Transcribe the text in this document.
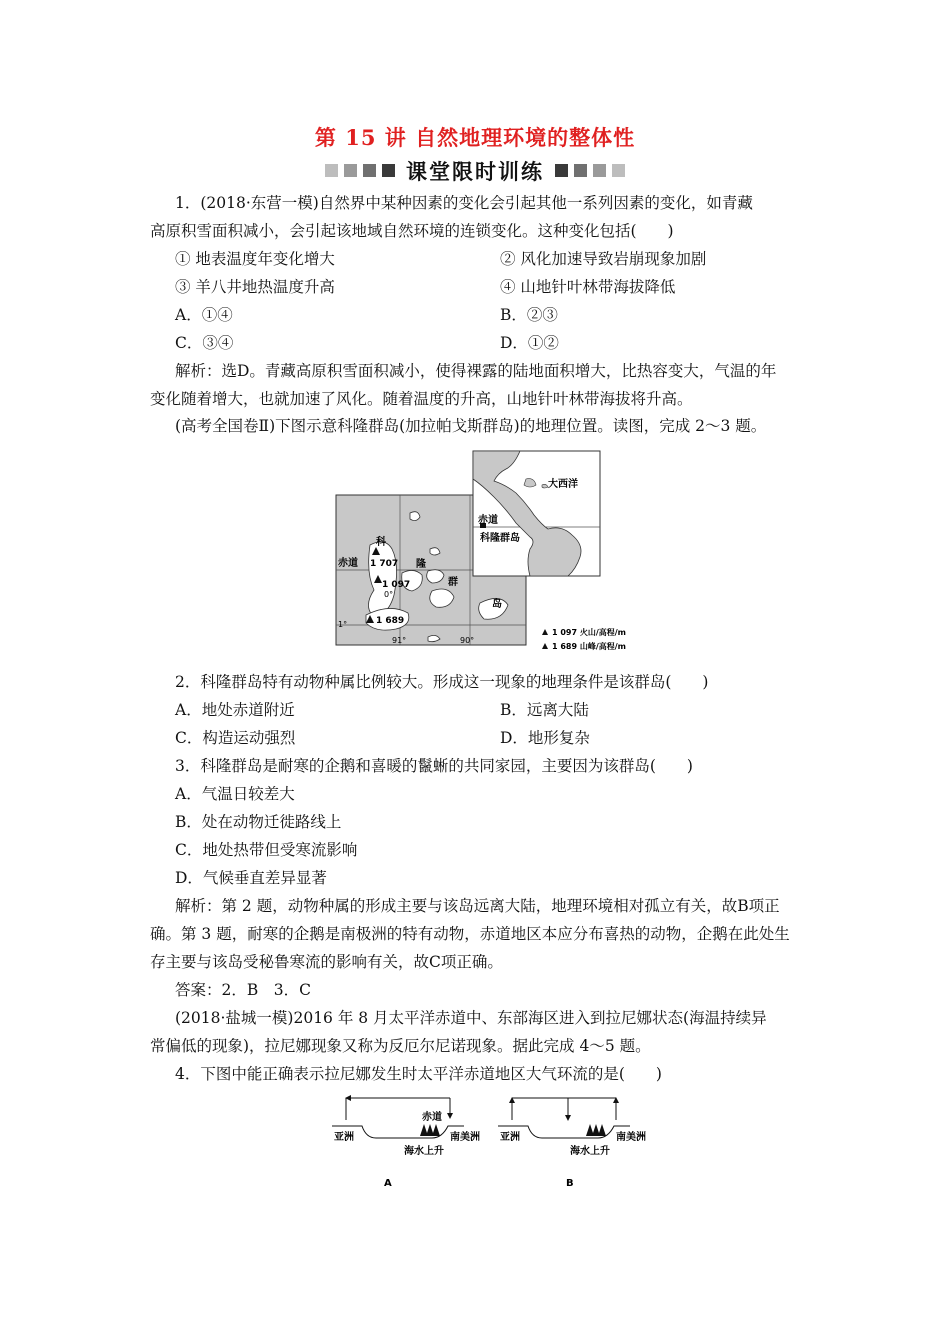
第 15 讲 自然地理环境的整体性
课堂限时训练
1．(2018·东营一模)自然界中某种因素的变化会引起其他一系列因素的变化，如青藏
高原积雪面积减小，会引起该地域自然环境的连锁变化。这种变化包括(　　)
① 地表温度年变化增大	② 风化加速导致岩崩现象加剧
③ 羊八井地热温度升高	④ 山地针叶林带海拔降低
A．①④	B．②③
C．③④	D．①②
解析：选D。青藏高原积雪面积减小，使得裸露的陆地面积增大，比热容变大，气温的年
变化随着增大，也就加速了风化。随着温度的升高，山地针叶林带海拔将升高。
(高考全国卷Ⅱ)下图示意科隆群岛(加拉帕戈斯群岛)的地理位置。读图，完成 2～3 题。
科
隆
群
岛
赤道 1 707
1 097
0°
1 689
1°
91°	90°
大西洋
赤道
科隆群岛
1 097 火山/高程/m
1 689 山峰/高程/m
2．科隆群岛特有动物种属比例较大。形成这一现象的地理条件是该群岛(　　)
A．地处赤道附近	B．远离大陆
C．构造运动强烈	D．地形复杂
3．科隆群岛是耐寒的企鹅和喜暖的鬣蜥的共同家园，主要因为该群岛(　　)
A．气温日较差大
B．处在动物迁徙路线上
C．地处热带但受寒流影响
D．气候垂直差异显著
解析：第 2 题，动物种属的形成主要与该岛远离大陆，地理环境相对孤立有关，故B项正
确。第 3 题，耐寒的企鹅是南极洲的特有动物，赤道地区本应分布喜热的动物，企鹅在此处生
存主要与该岛受秘鲁寒流的影响有关，故C项正确。
答案：2．B　3．C
(2018·盐城一模)2016 年 8 月太平洋赤道中、东部海区进入到拉尼娜状态(海温持续异
常偏低的现象)，拉尼娜现象又称为反厄尔尼诺现象。据此完成 4～5 题。
4．下图中能正确表示拉尼娜发生时太平洋赤道地区大气环流的是(　　)
亚洲
赤道
南美洲
海水上升
A
亚洲	南美洲
海水上升
B
